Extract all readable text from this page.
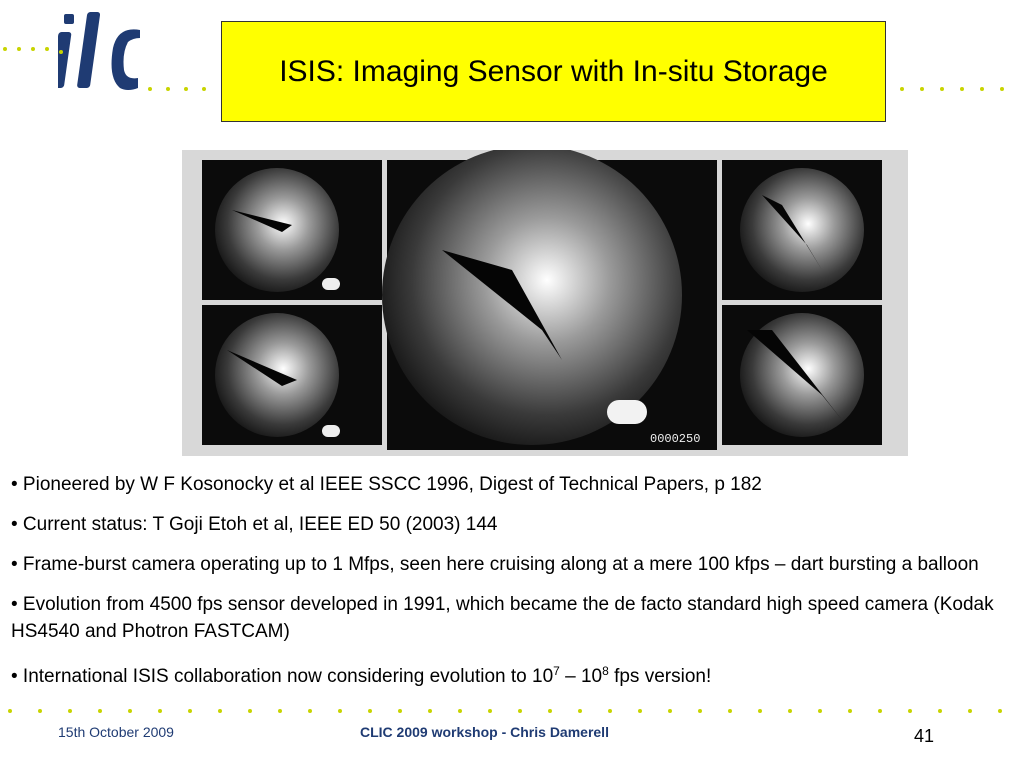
ISIS: Imaging Sensor with In-situ Storage
0000250
• Pioneered by W F Kosonocky et al IEEE SSCC 1996, Digest of Technical Papers, p 182
• Current status: T Goji Etoh et al, IEEE ED 50 (2003) 144
• Frame-burst camera operating up to 1 Mfps, seen here cruising along at a mere 100 kfps – dart bursting a balloon
• Evolution from 4500 fps sensor developed in 1991, which became the de facto standard high speed camera (Kodak HS4540 and Photron FASTCAM)
• International ISIS collaboration now considering evolution to $10^7 - 10^8$ fps version!
15th October 2009	CLIC 2009 workshop - Chris Damerell	41
